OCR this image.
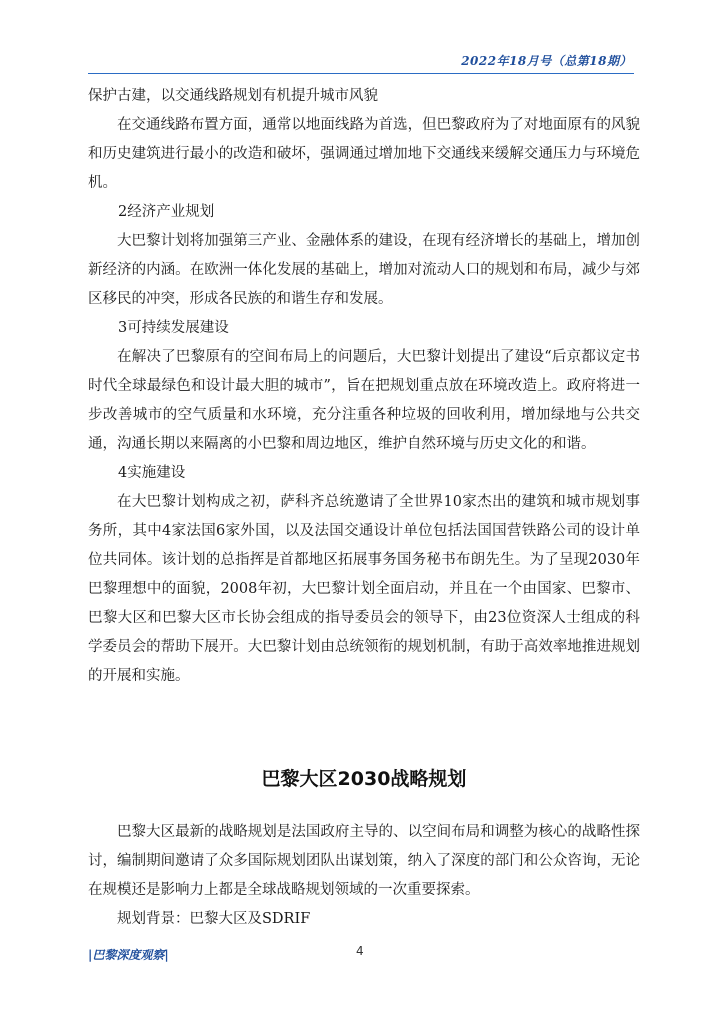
2022年18月号（总第18期）
保护古建，以交通线路规划有机提升城市风貌
在交通线路布置方面，通常以地面线路为首选，但巴黎政府为了对地面原有的风貌和历史建筑进行最小的改造和破坏，强调通过增加地下交通线来缓解交通压力与环境危机。
2经济产业规划
大巴黎计划将加强第三产业、金融体系的建设，在现有经济增长的基础上，增加创新经济的内涵。在欧洲一体化发展的基础上，增加对流动人口的规划和布局，减少与郊区移民的冲突，形成各民族的和谐生存和发展。
3可持续发展建设
在解决了巴黎原有的空间布局上的问题后，大巴黎计划提出了建设“后京都议定书时代全球最绿色和设计最大胆的城市”，旨在把规划重点放在环境改造上。政府将进一步改善城市的空气质量和水环境，充分注重各种垃圾的回收利用，增加绿地与公共交通，沟通长期以来隔离的小巴黎和周边地区，维护自然环境与历史文化的和谐。
4实施建设
在大巴黎计划构成之初，萨科齐总统邀请了全世界10家杰出的建筑和城市规划事务所，其中4家法国6家外国，以及法国交通设计单位包括法国国营铁路公司的设计单位共同体。该计划的总指挥是首都地区拓展事务国务秘书布朗先生。为了呈现2030年巴黎理想中的面貌，2008年初，大巴黎计划全面启动，并且在一个由国家、巴黎市、巴黎大区和巴黎大区市长协会组成的指导委员会的领导下，由23位资深人士组成的科学委员会的帮助下展开。大巴黎计划由总统领衔的规划机制，有助于高效率地推进规划的开展和实施。
巴黎大区2030战略规划
巴黎大区最新的战略规划是法国政府主导的、以空间布局和调整为核心的战略性探讨，编制期间邀请了众多国际规划团队出谋划策，纳入了深度的部门和公众咨询，无论在规模还是影响力上都是全球战略规划领域的一次重要探索。
规划背景：巴黎大区及SDRIF
|巴黎深度观察|	4
